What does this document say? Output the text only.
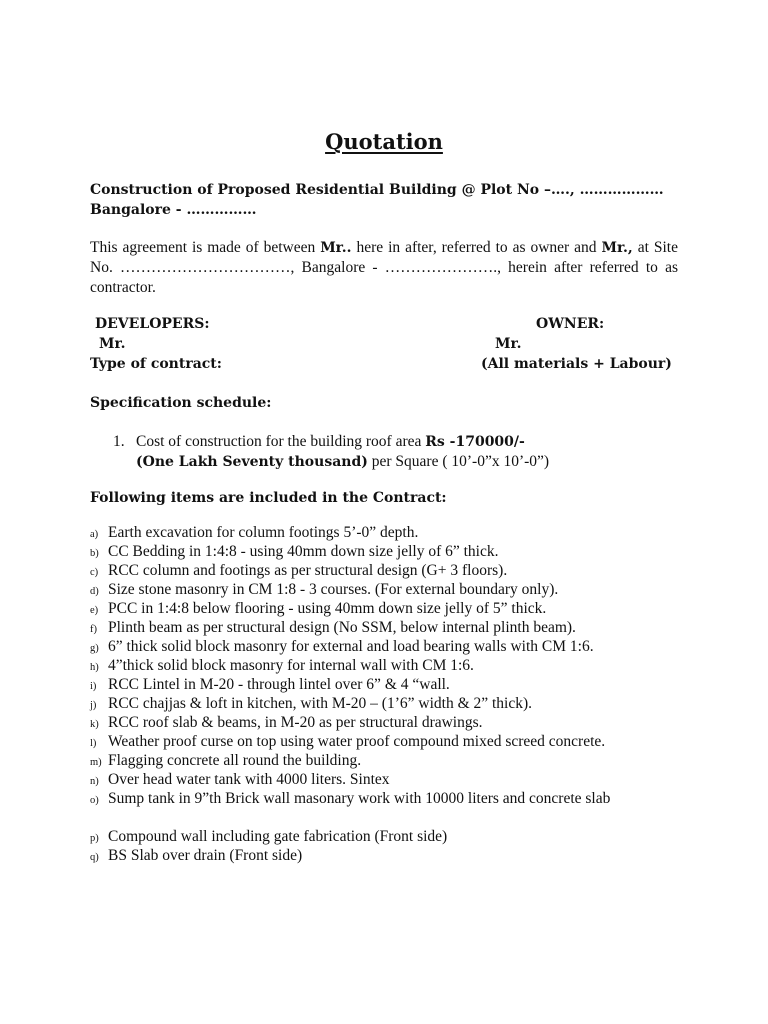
Quotation
Construction of Proposed Residential Building @ Plot No –…., ………………
Bangalore - ……………
This agreement is made of between Mr.. here in after, referred to as owner and Mr., at Site No. ……………………………, Bangalore - …………………., herein after referred to as contractor.
DEVELOPERS:	OWNER:
Mr.	Mr.
Type of contract:	(All materials + Labour)
Specification schedule:
1. Cost of construction for the building roof area Rs -170000/-
(One Lakh Seventy thousand) per Square ( 10’-0”x 10’-0”)
Following items are included in the Contract:
a) Earth excavation for column footings 5’-0” depth.
b) CC Bedding in 1:4:8 - using 40mm down size jelly of 6” thick.
c) RCC column and footings as per structural design (G+ 3 floors).
d) Size stone masonry in CM 1:8 - 3 courses. (For external boundary only).
e) PCC in 1:4:8 below flooring - using 40mm down size jelly of 5” thick.
f) Plinth beam as per structural design (No SSM, below internal plinth beam).
g) 6” thick solid block masonry for external and load bearing walls with CM 1:6.
h) 4”thick solid block masonry for internal wall with CM 1:6.
i) RCC Lintel in M-20 - through lintel over 6” & 4 “wall.
j) RCC chajjas & loft in kitchen, with M-20 – (1’6” width & 2” thick).
k) RCC roof slab & beams, in M-20 as per structural drawings.
l) Weather proof curse on top using water proof compound mixed screed concrete.
m) Flagging concrete all round the building.
n) Over head water tank with 4000 liters. Sintex
o) Sump tank in 9”th Brick wall masonary work with 10000 liters and concrete slab
p) Compound wall including gate fabrication (Front side)
q) BS Slab over drain (Front side)
